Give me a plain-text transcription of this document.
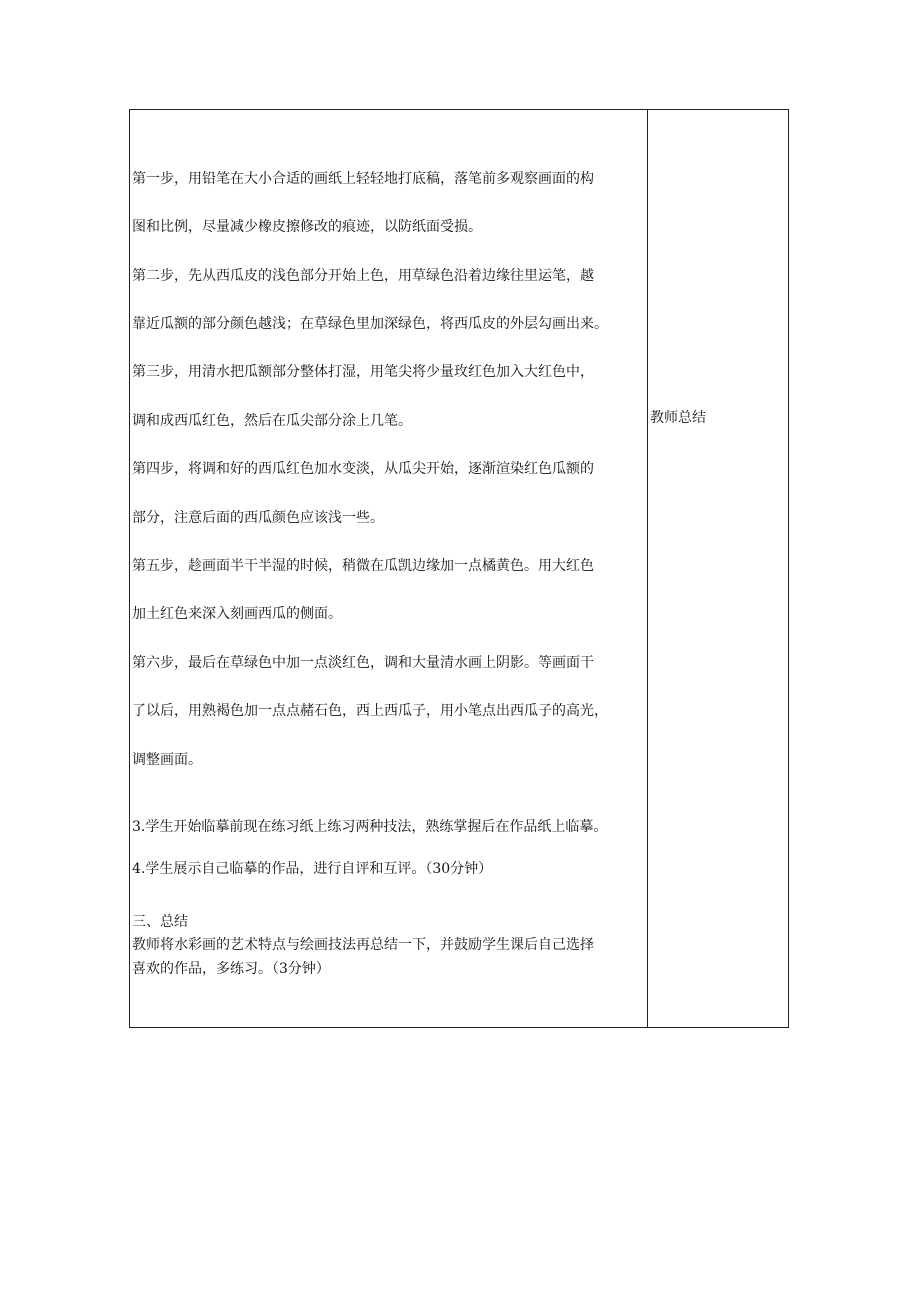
第一步，用铅笔在大小合适的画纸上轻轻地打底稿，落笔前多观察画面的构
图和比例，尽量减少橡皮擦修改的痕迹，以防纸面受损。
第二步，先从西瓜皮的浅色部分开始上色，用草绿色沿着边缘往里运笔，越
靠近瓜额的部分颜色越浅；在草绿色里加深绿色，将西瓜皮的外层勾画出来。
第三步，用清水把瓜额部分整体打湿，用笔尖将少量玫红色加入大红色中，
调和成西瓜红色，然后在瓜尖部分涂上几笔。
第四步，将调和好的西瓜红色加水变淡，从瓜尖开始，逐渐渲染红色瓜额的
部分，注意后面的西瓜颜色应该浅一些。
第五步，趁画面半干半湿的时候，稍微在瓜凯边缘加一点橘黄色。用大红色
加土红色来深入刻画西瓜的侧面。
第六步，最后在草绿色中加一点淡红色，调和大量清水画上阴影。等画面干
了以后，用熟褐色加一点点赭石色，西上西瓜子，用小笔点出西瓜子的高光，
调整画面。
3.学生开始临摹前现在练习纸上练习两种技法，熟练掌握后在作品纸上临摹。
4.学生展示自己临摹的作品，进行自评和互评。（30分钟）
三、总结
教师将水彩画的艺术特点与绘画技法再总结一下，并鼓励学生课后自己选择
喜欢的作品，多练习。（3分钟）
教师总结
